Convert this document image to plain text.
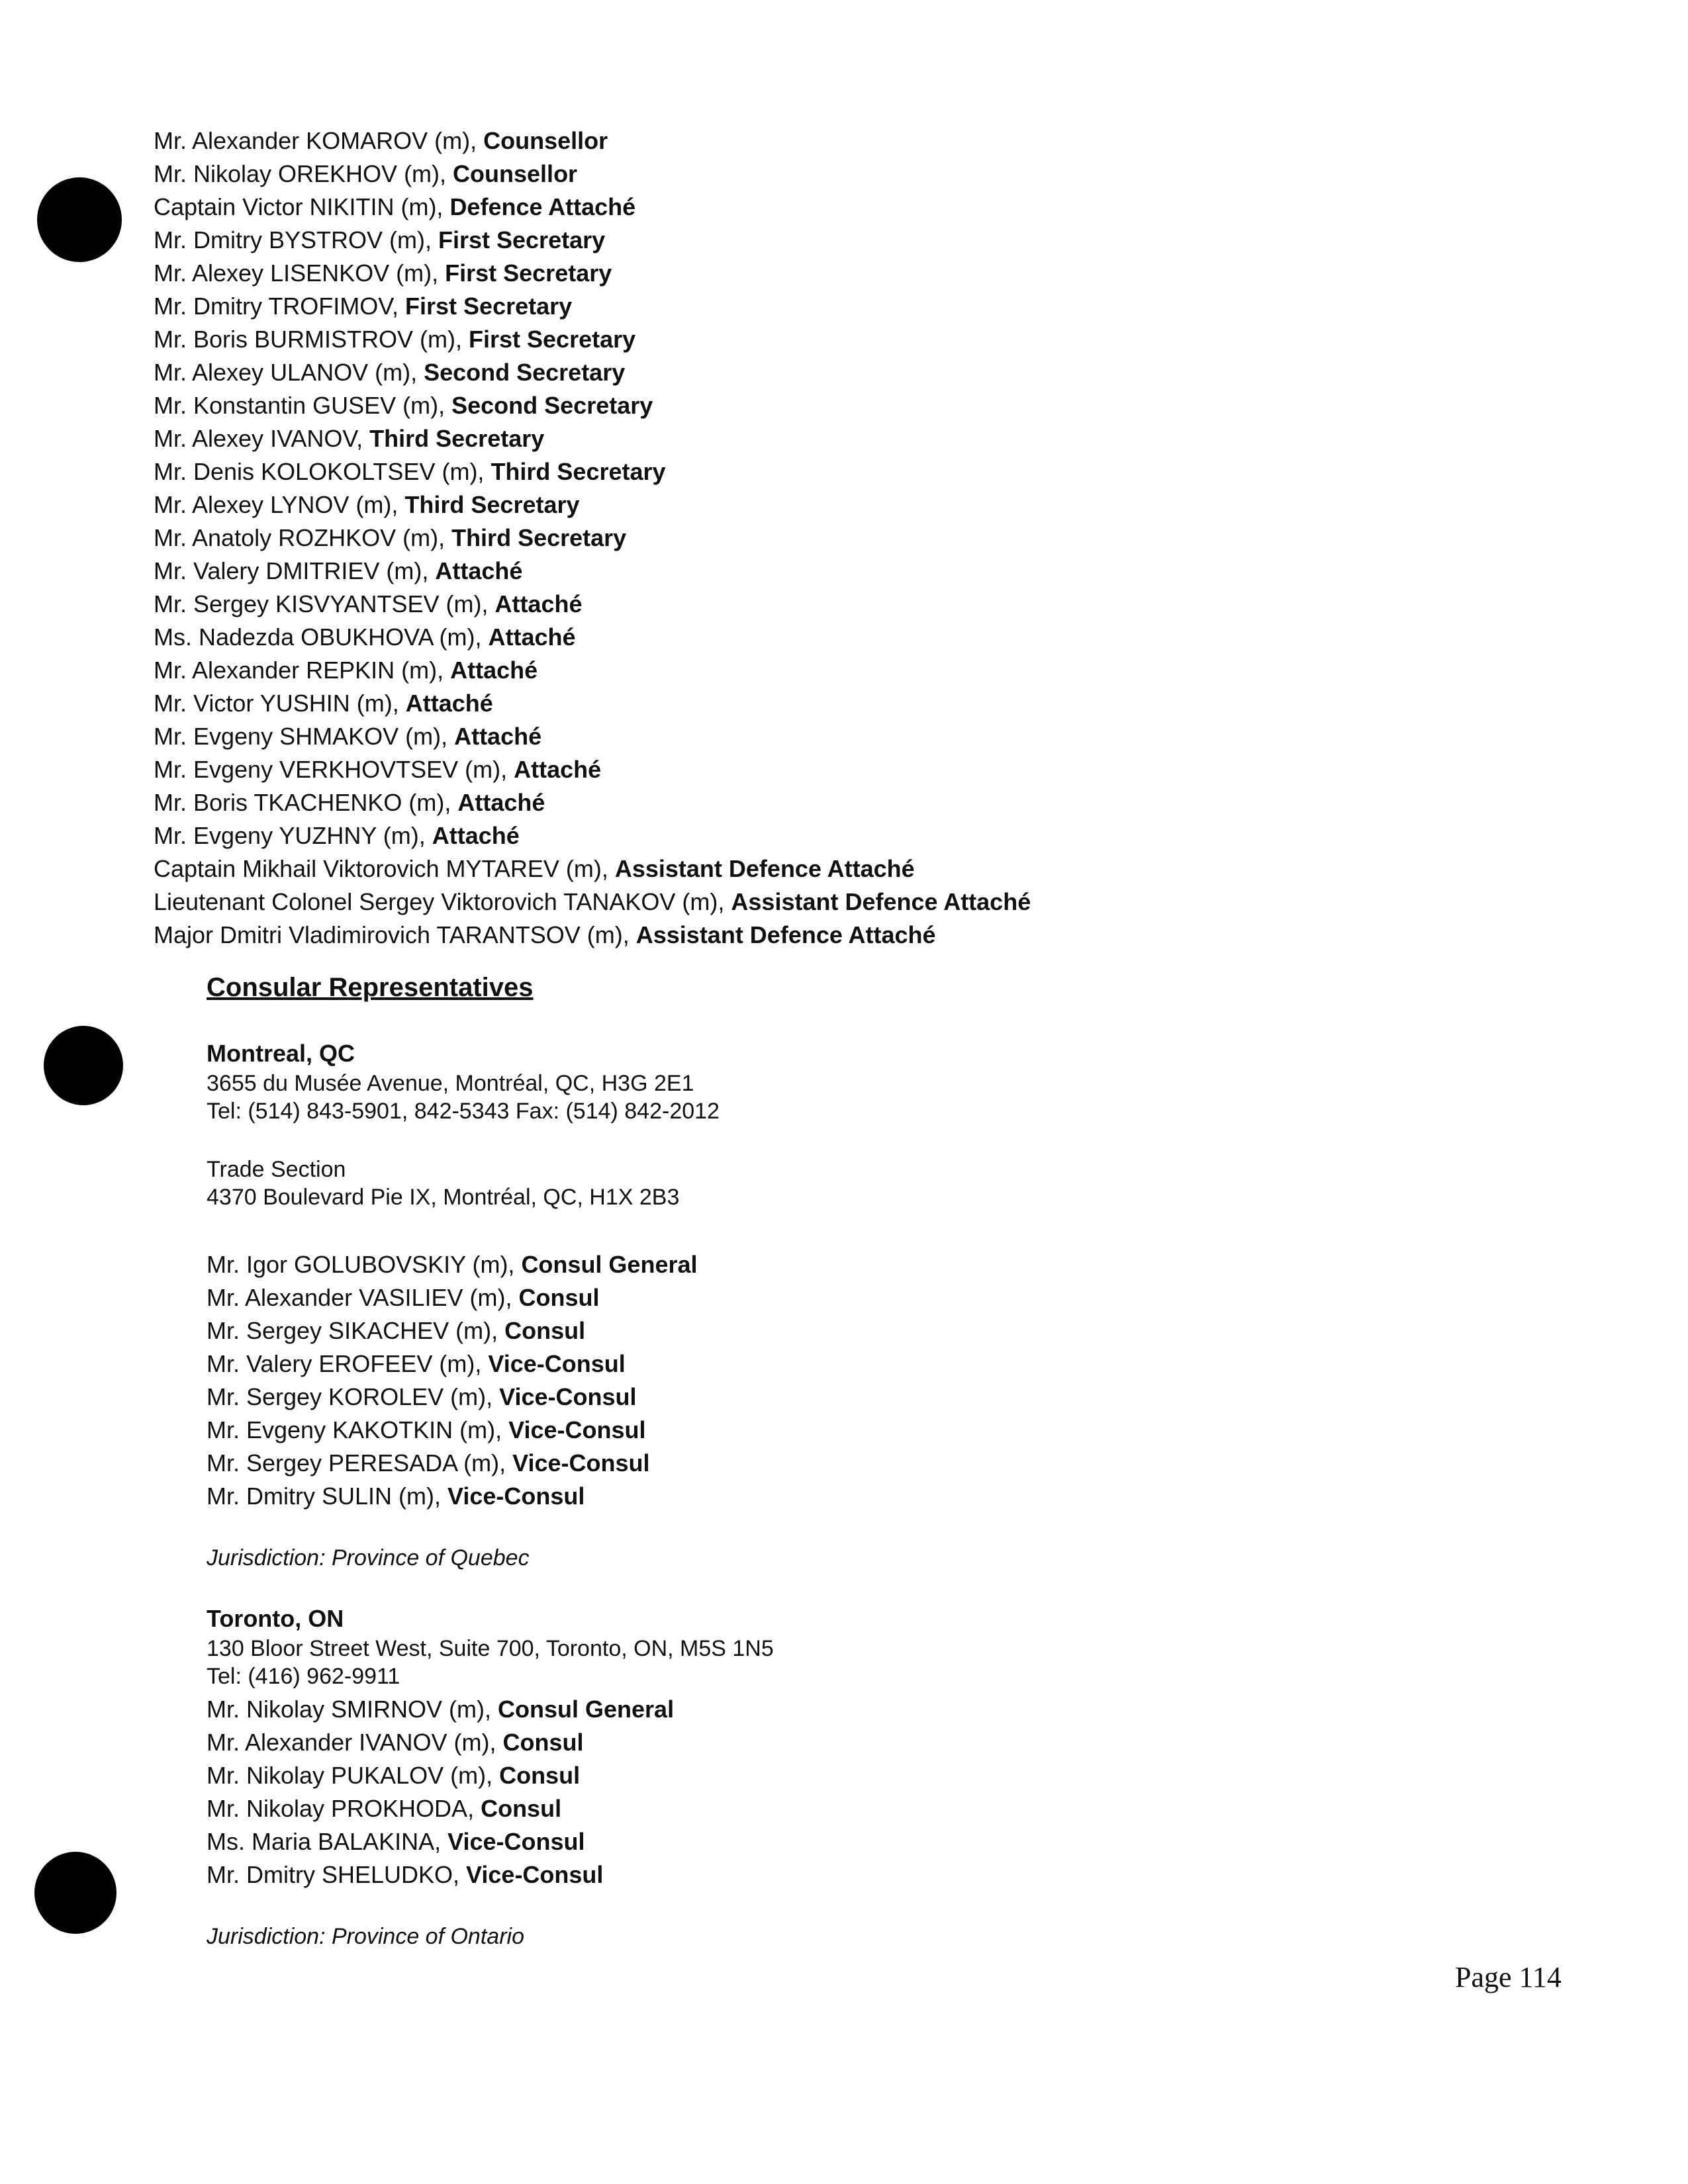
Mr. Alexander KOMAROV (m), Counsellor
Mr. Nikolay OREKHOV (m), Counsellor
Captain Victor NIKITIN (m), Defence Attaché
Mr. Dmitry BYSTROV (m), First Secretary
Mr. Alexey LISENKOV (m), First Secretary
Mr. Dmitry TROFIMOV, First Secretary
Mr. Boris BURMISTROV (m), First Secretary
Mr. Alexey ULANOV (m), Second Secretary
Mr. Konstantin GUSEV (m), Second Secretary
Mr. Alexey IVANOV, Third Secretary
Mr. Denis KOLOKOLTSEV (m), Third Secretary
Mr. Alexey LYNOV (m), Third Secretary
Mr. Anatoly ROZHKOV (m), Third Secretary
Mr. Valery DMITRIEV (m), Attaché
Mr. Sergey KISVYANTSEV (m), Attaché
Ms. Nadezda OBUKHOVA (m), Attaché
Mr. Alexander REPKIN (m), Attaché
Mr. Victor YUSHIN (m), Attaché
Mr. Evgeny SHMAKOV (m), Attaché
Mr. Evgeny VERKHOVTSEV (m), Attaché
Mr. Boris TKACHENKO (m), Attaché
Mr. Evgeny YUZHNY (m), Attaché
Captain Mikhail Viktorovich MYTAREV (m), Assistant Defence Attaché
Lieutenant Colonel Sergey Viktorovich TANAKOV (m), Assistant Defence Attaché
Major Dmitri Vladimirovich TARANTSOV (m), Assistant Defence Attaché
Consular Representatives
Montreal, QC
3655 du Musée Avenue, Montréal, QC, H3G 2E1
Tel: (514) 843-5901, 842-5343 Fax: (514) 842-2012
Trade Section
4370 Boulevard Pie IX, Montréal, QC, H1X 2B3
Mr. Igor GOLUBOVSKIY (m), Consul General
Mr. Alexander VASILIEV (m), Consul
Mr. Sergey SIKACHEV (m), Consul
Mr. Valery EROFEEV (m), Vice-Consul
Mr. Sergey KOROLEV (m), Vice-Consul
Mr. Evgeny KAKOTKIN (m), Vice-Consul
Mr. Sergey PERESADA (m), Vice-Consul
Mr. Dmitry SULIN (m), Vice-Consul
Jurisdiction: Province of Quebec
Toronto, ON
130 Bloor Street West, Suite 700, Toronto, ON, M5S 1N5
Tel: (416) 962-9911
Mr. Nikolay SMIRNOV (m), Consul General
Mr. Alexander IVANOV (m), Consul
Mr. Nikolay PUKALOV (m), Consul
Mr. Nikolay PROKHODA, Consul
Ms. Maria BALAKINA, Vice-Consul
Mr. Dmitry SHELUDKO, Vice-Consul
Jurisdiction: Province of Ontario
Page 114
